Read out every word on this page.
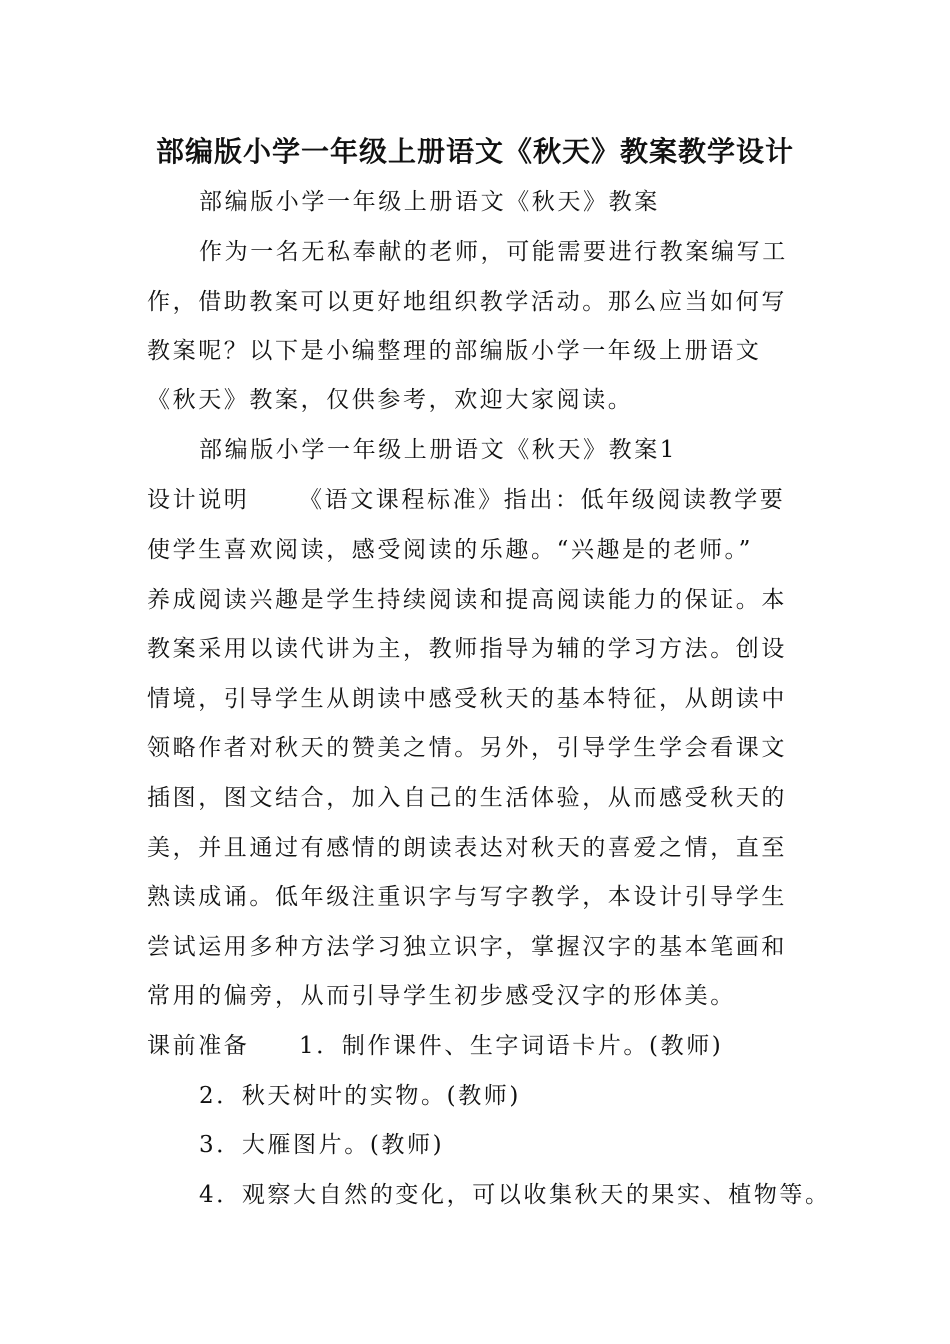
部编版小学一年级上册语文《秋天》教案教学设计
部编版小学一年级上册语文《秋天》教案
作为一名无私奉献的老师，可能需要进行教案编写工
作，借助教案可以更好地组织教学活动。那么应当如何写
教案呢？以下是小编整理的部编版小学一年级上册语文
《秋天》教案，仅供参考，欢迎大家阅读。
部编版小学一年级上册语文《秋天》教案1
设计说明 《语文课程标准》指出：低年级阅读教学要
使学生喜欢阅读，感受阅读的乐趣。“兴趣是的老师。”
养成阅读兴趣是学生持续阅读和提高阅读能力的保证。本
教案采用以读代讲为主，教师指导为辅的学习方法。创设
情境，引导学生从朗读中感受秋天的基本特征，从朗读中
领略作者对秋天的赞美之情。另外，引导学生学会看课文
插图，图文结合，加入自己的生活体验，从而感受秋天的
美，并且通过有感情的朗读表达对秋天的喜爱之情，直至
熟读成诵。低年级注重识字与写字教学，本设计引导学生
尝试运用多种方法学习独立识字，掌握汉字的基本笔画和
常用的偏旁，从而引导学生初步感受汉字的形体美。
课前准备 1．制作课件、生字词语卡片。(教师)
2．秋天树叶的实物。(教师)
3．大雁图片。(教师)
4．观察大自然的变化，可以收集秋天的果实、植物等。
